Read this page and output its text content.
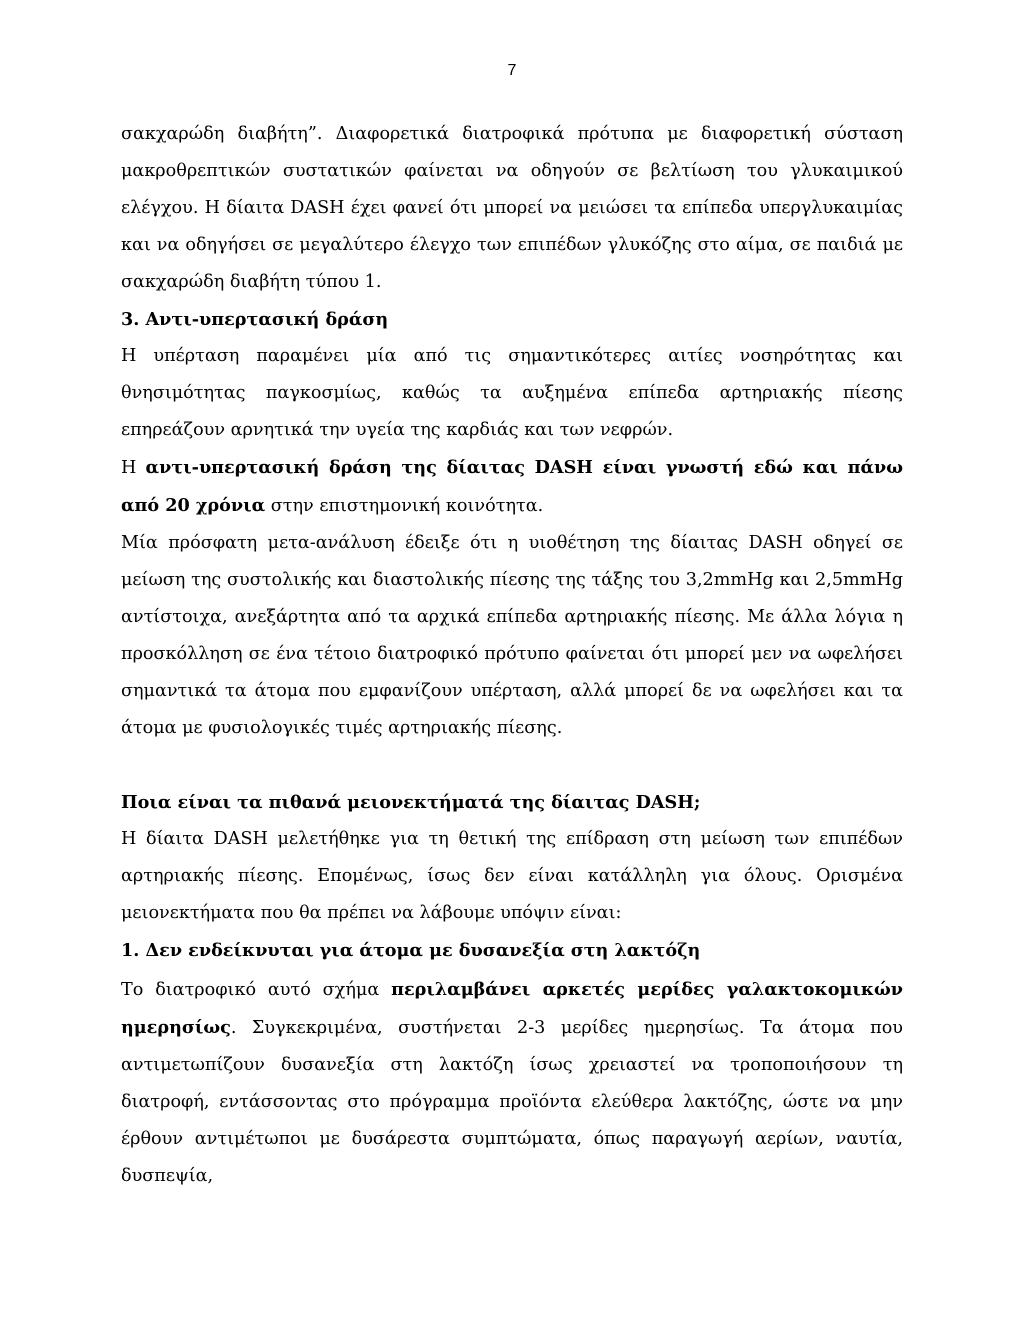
7

σακχαρώδη διαβήτη”. Διαφορετικά διατροφικά πρότυπα με διαφορετική σύσταση μακροθρεπτικών συστατικών φαίνεται να οδηγούν σε βελτίωση του γλυκαιμικού ελέγχου. Η δίαιτα DASH έχει φανεί ότι μπορεί να μειώσει τα επίπεδα υπεργλυκαιμίας και να οδηγήσει σε μεγαλύτερο έλεγχο των επιπέδων γλυκόζης στο αίμα, σε παιδιά με σακχαρώδη διαβήτη τύπου 1.

3. Αντι-υπερτασική δράση

Η υπέρταση παραμένει μία από τις σημαντικότερες αιτίες νοσηρότητας και θνησιμότητας παγκοσμίως, καθώς τα αυξημένα επίπεδα αρτηριακής πίεσης επηρεάζουν αρνητικά την υγεία της καρδιάς και των νεφρών.

Η αντι-υπερτασική δράση της δίαιτας DASH είναι γνωστή εδώ και πάνω από 20 χρόνια στην επιστημονική κοινότητα.

Μία πρόσφατη μετα-ανάλυση έδειξε ότι η υιοθέτηση της δίαιτας DASH οδηγεί σε μείωση της συστολικής και διαστολικής πίεσης της τάξης του 3,2mmHg και 2,5mmHg αντίστοιχα, ανεξάρτητα από τα αρχικά επίπεδα αρτηριακής πίεσης. Με άλλα λόγια η προσκόλληση σε ένα τέτοιο διατροφικό πρότυπο φαίνεται ότι μπορεί μεν να ωφελήσει σημαντικά τα άτομα που εμφανίζουν υπέρταση, αλλά μπορεί δε να ωφελήσει και τα άτομα με φυσιολογικές τιμές αρτηριακής πίεσης.

Ποια είναι τα πιθανά μειονεκτήματά της δίαιτας DASH;

Η δίαιτα DASH μελετήθηκε για τη θετική της επίδραση στη μείωση των επιπέδων αρτηριακής πίεσης. Επομένως, ίσως δεν είναι κατάλληλη για όλους. Ορισμένα μειονεκτήματα που θα πρέπει να λάβουμε υπόψιν είναι:

1. Δεν ενδείκνυται για άτομα με δυσανεξία στη λακτόζη

Το διατροφικό αυτό σχήμα περιλαμβάνει αρκετές μερίδες γαλακτοκομικών ημερησίως. Συγκεκριμένα, συστήνεται 2-3 μερίδες ημερησίως. Τα άτομα που αντιμετωπίζουν δυσανεξία στη λακτόζη ίσως χρειαστεί να τροποποιήσουν τη διατροφή, εντάσσοντας στο πρόγραμμα προϊόντα ελεύθερα λακτόζης, ώστε να μην έρθουν αντιμέτωποι με δυσάρεστα συμπτώματα, όπως παραγωγή αερίων, ναυτία, δυσπεψία,
